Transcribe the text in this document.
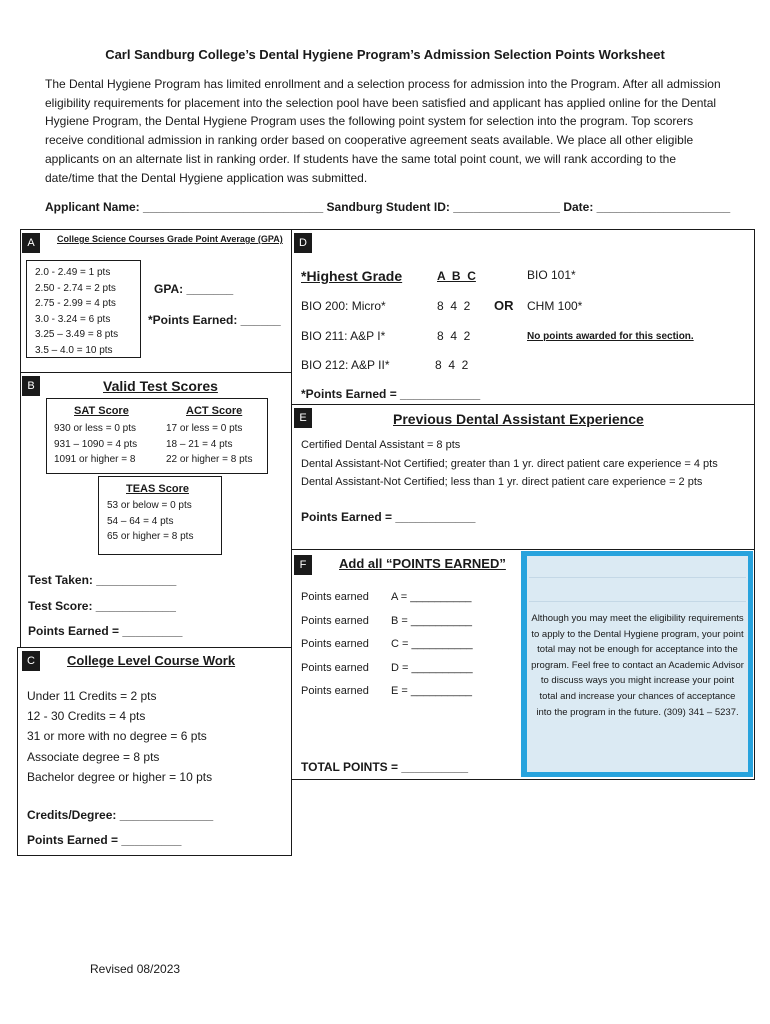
Carl Sandburg College’s Dental Hygiene Program’s Admission Selection Points Worksheet
The Dental Hygiene Program has limited enrollment and a selection process for admission into the Program. After all admission eligibility requirements for placement into the selection pool have been satisfied and applicant has applied online for the Dental Hygiene Program, the Dental Hygiene Program uses the following point system for selection into the program. Top scorers receive conditional admission in ranking order based on cooperative agreement seats available. We place all other eligible applicants on an alternate list in ranking order. If students have the same total point count, we will rank according to the date/time that the Dental Hygiene application was submitted.
Applicant Name: ___________________________ Sandburg Student ID: ________________ Date: ____________________
A	College Science Courses Grade Point Average (GPA)
2.0 - 2.49 = 1 pts
2.50 - 2.74 = 2 pts
2.75 - 2.99 = 4 pts
3.0 - 3.24 = 6 pts
3.25 – 3.49 = 8 pts
3.5 – 4.0 = 10 pts
GPA: _______
*Points Earned: ______
B	Valid Test Scores
SAT Score
930 or less = 0 pts
931 – 1090 = 4 pts
1091 or higher = 8
ACT Score
17 or less = 0 pts
18 – 21 = 4 pts
22 or higher = 8 pts
TEAS Score
53 or below = 0 pts
54 – 64 = 4 pts
65 or higher = 8 pts
Test Taken: ____________
Test Score: ____________
Points Earned = _________
C	College Level Course Work
Under 11 Credits = 2 pts
12 - 30 Credits = 4 pts
31 or more with no degree = 6 pts
Associate degree = 8 pts
Bachelor degree or higher = 10 pts
Credits/Degree: ______________
Points Earned = _________
D
*Highest Grade	A  B  C	BIO 101*
BIO 200: Micro*	8  4  2 OR CHM 100*
BIO 211: A&P I*	8  4  2	No points awarded for this section.
BIO 212: A&P II*	8  4  2
*Points Earned = ____________
E	Previous Dental Assistant Experience
Certified Dental Assistant = 8 pts
Dental Assistant-Not Certified; greater than 1 yr. direct patient care experience = 4 pts
Dental Assistant-Not Certified; less than 1 yr. direct patient care experience = 2 pts
Points Earned = ____________
F	Add all “POINTS EARNED”
Points earned A = __________
Points earned B = __________
Points earned C = __________
Points earned D = __________
Points earned E = __________
TOTAL POINTS = __________
Although you may meet the eligibility requirements to apply to the Dental Hygiene program, your point total may not be enough for acceptance into the program. Feel free to contact an Academic Advisor to discuss ways you might increase your point total and increase your chances of acceptance into the program in the future. (309) 341 – 5237.
Revised 08/2023
